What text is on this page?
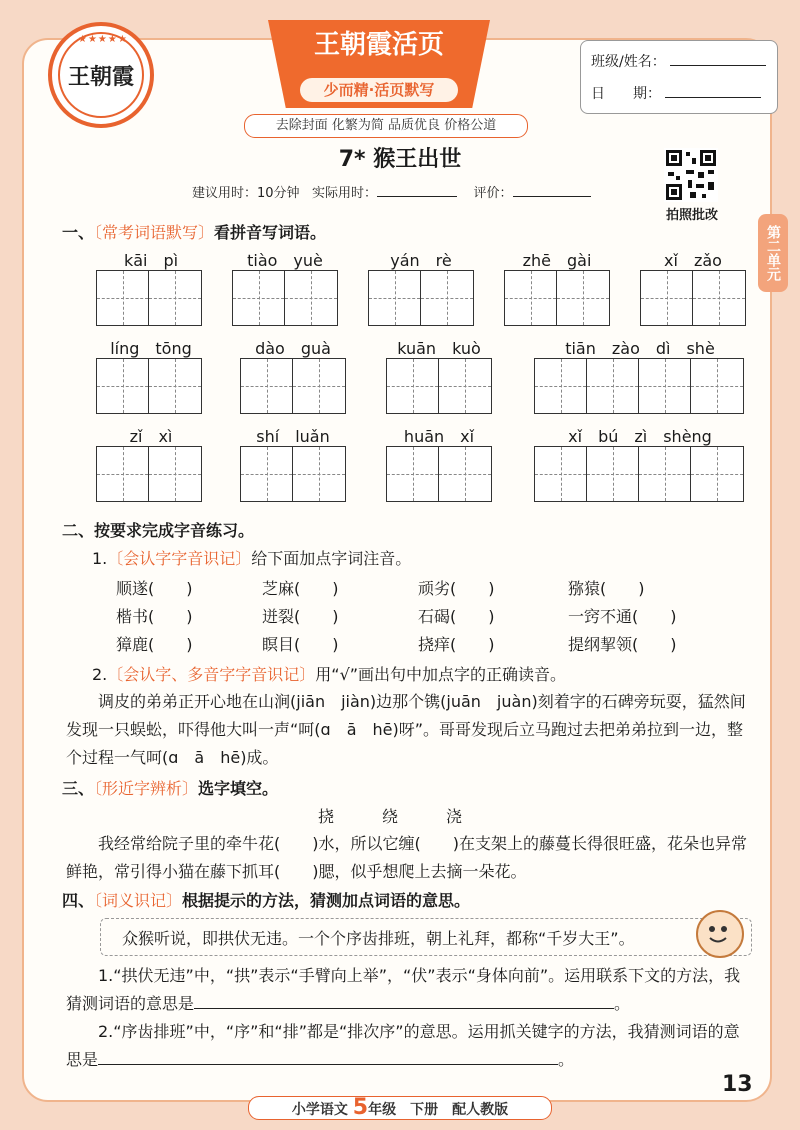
王朝霞
★★★★★	王朝霞活页
少而精·活页默写
去除封面 化繁为简 品质优良 价格公道
班级/姓名：
日　　期：
7* 猴王出世
建议用时：10分钟 实际用时：	评价：
拍照批改
第二单元
一、〔常考词语默写〕看拼音写词语。
kāi　pì	tiào　yuè	yán　rè	zhē　gài	xǐ　zǎo
líng　tōng	dào　guà	kuān　kuò	tiān　zào　dì　shè
zǐ　xì	shí　luǎn	huān　xǐ	xǐ　bú　zì　shèng
二、按要求完成字音练习。
1.〔会认字字音识记〕给下面加点字词注音。
顺遂(　　)	芝麻(　　)	顽劣(　　)	猕猿(　　)
楷书(　　)	迸裂(　　)	石碣(　　)	一窍不通(　　)
獐鹿(　　)	瞑目(　　)	挠痒(　　)	提纲挈领(　　)
2.〔会认字、多音字字音识记〕用“√”画出句中加点字的正确读音。
调皮的弟弟正开心地在山涧(jiān　jiàn)边那个镌(juān　juàn)刻着字的石碑旁玩耍，猛然间发现一只蜈蚣，吓得他大叫一声“呵(ɑ　ā　hē)呀”。哥哥发现后立马跑过去把弟弟拉到一边，整个过程一气呵(ɑ　ā　hē)成。
三、〔形近字辨析〕选字填空。
挠　　　绕　　　浇
我经常给院子里的牵牛花(　　)水，所以它缠(　　)在支架上的藤蔓长得很旺盛，花朵也异常鲜艳，常引得小猫在藤下抓耳(　　)腮，似乎想爬上去摘一朵花。
四、〔词义识记〕根据提示的方法，猜测加点词语的意思。
众猴听说，即拱伏无违。一个个序齿排班，朝上礼拜，都称“千岁大王”。
1.“拱伏无违”中，“拱”表示“手臂向上举”，“伏”表示“身体向前”。运用联系下文的方法，我猜测词语的意思是	。
2.“序齿排班”中，“序”和“排”都是“排次序”的意思。运用抓关键字的方法，我猜测词语的意思是	。
小学语文 5年级　下册　配人教版
13
